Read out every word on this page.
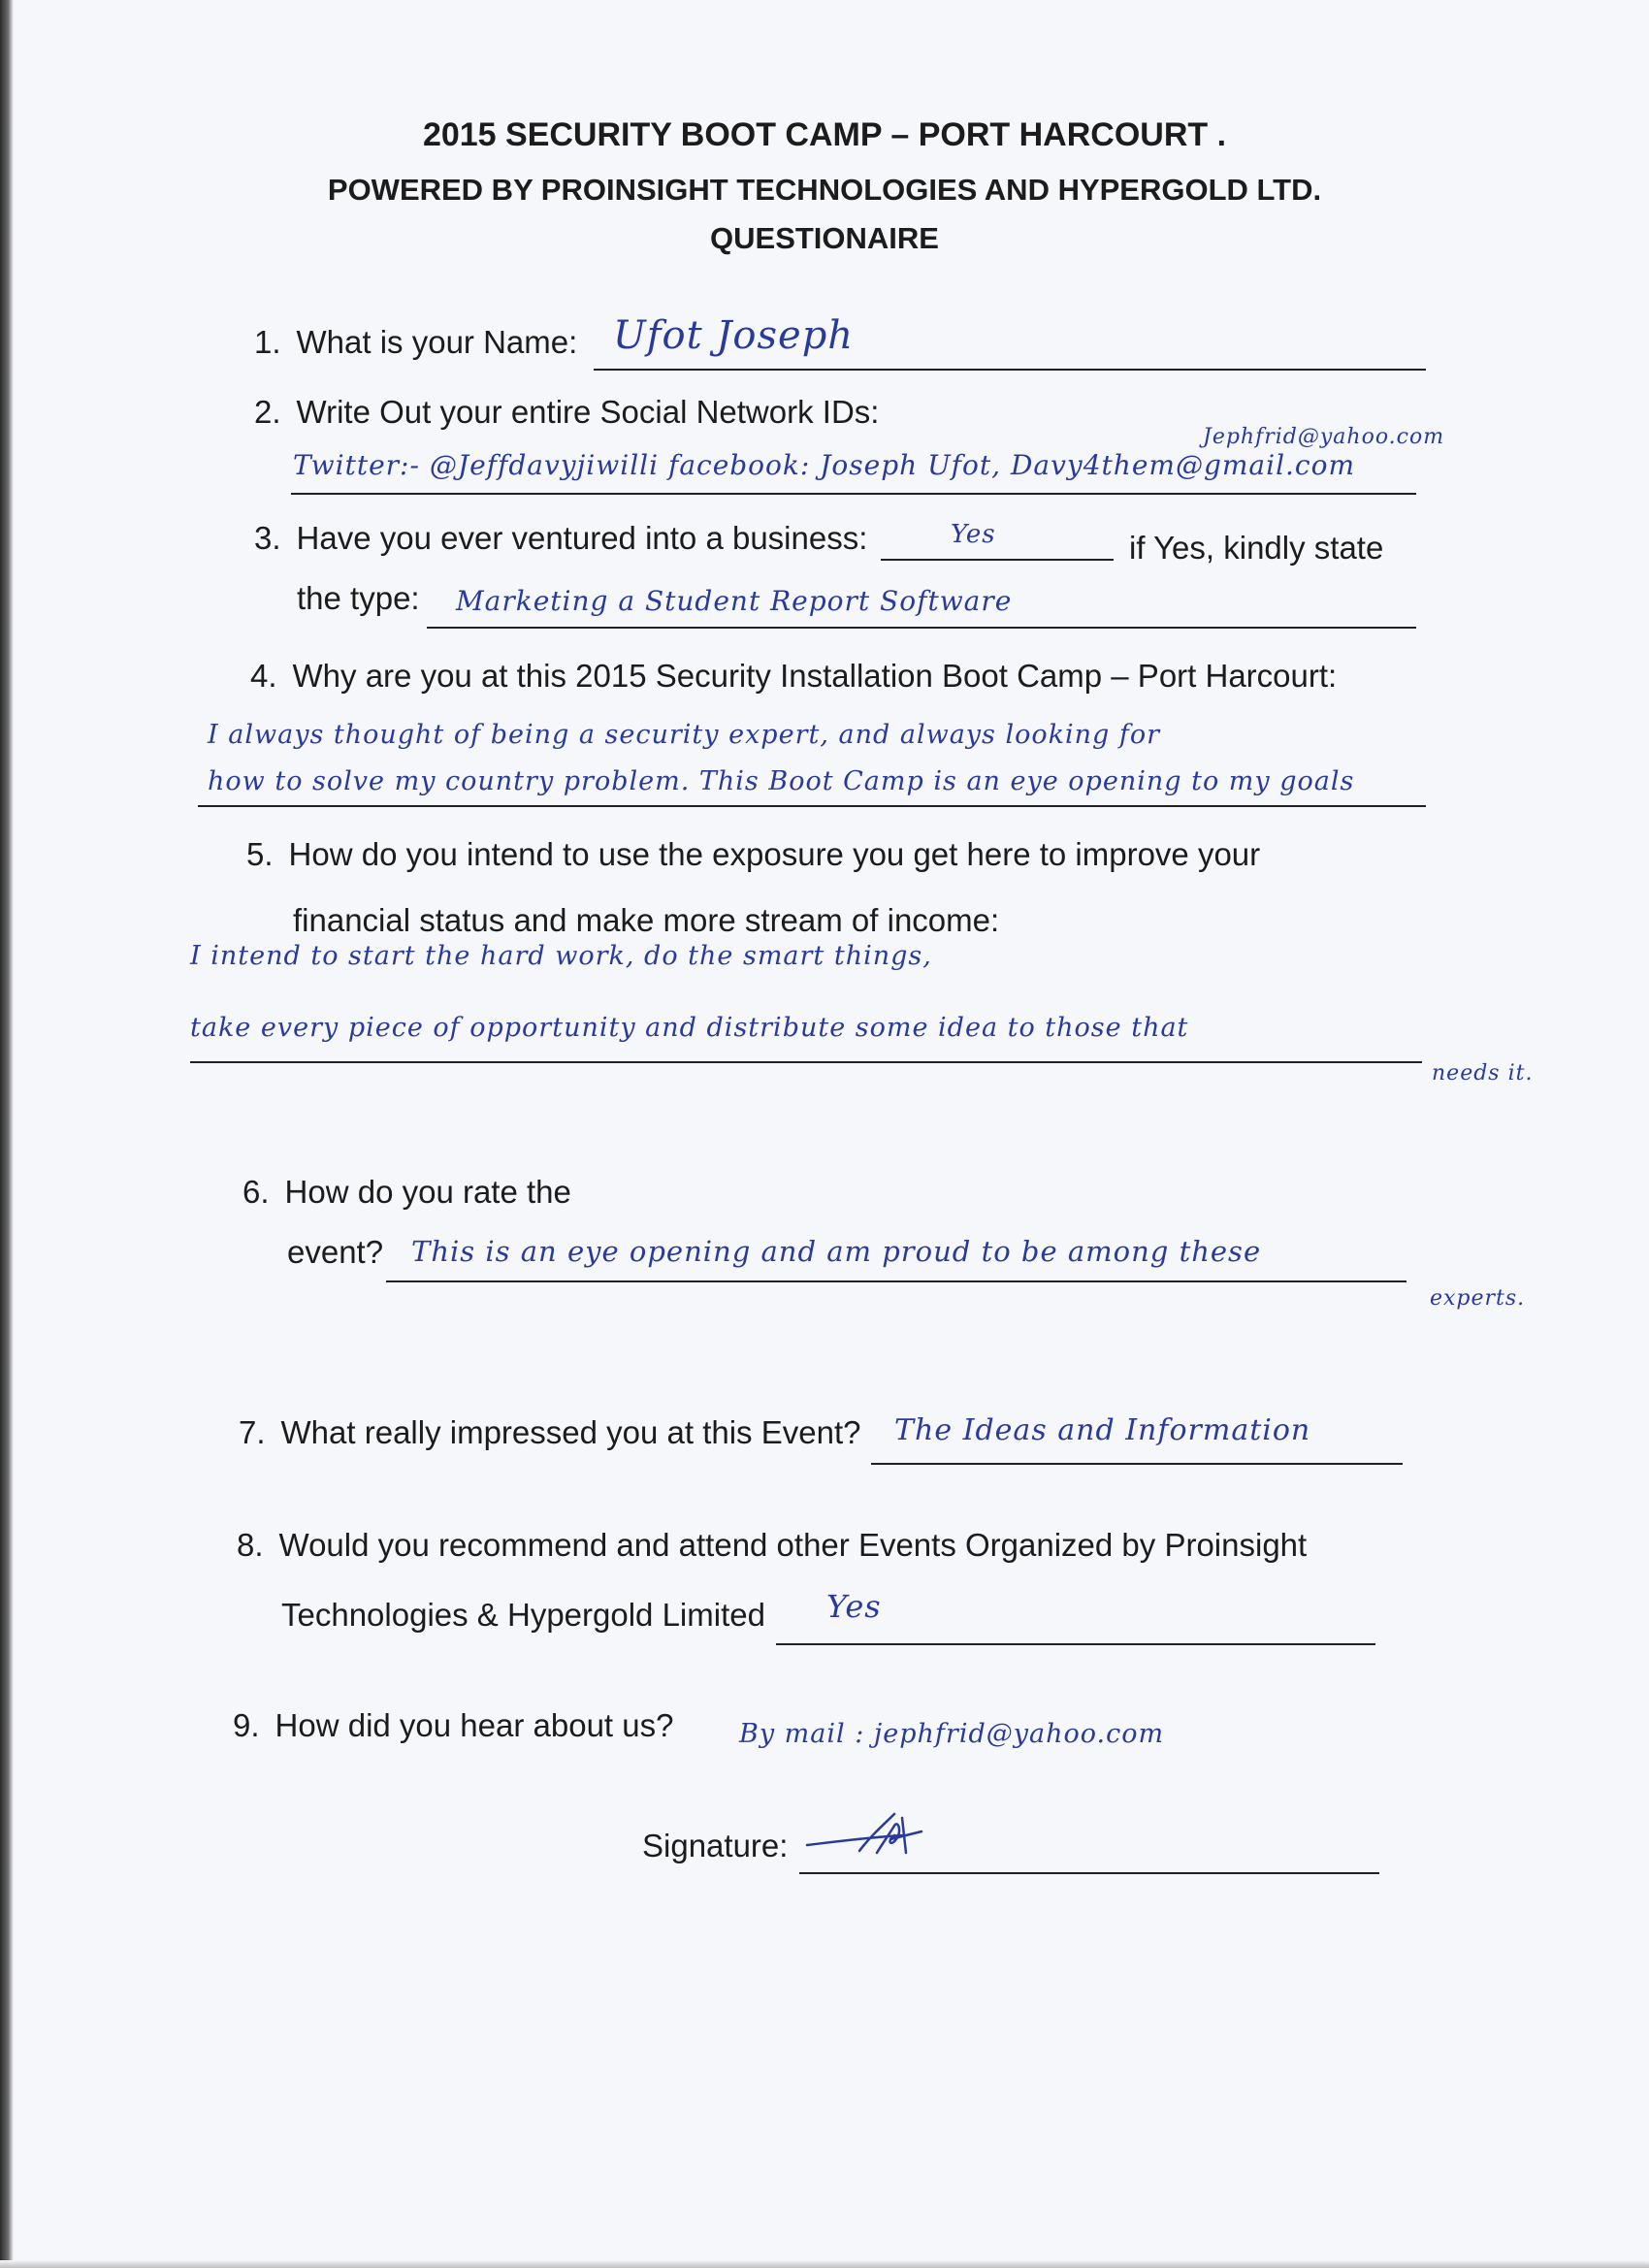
2015 SECURITY BOOT CAMP – PORT HARCOURT .
POWERED BY PROINSIGHT TECHNOLOGIES AND HYPERGOLD LTD.
QUESTIONAIRE
1. What is your Name: Ufot Joseph
2. Write Out your entire Social Network IDs:
Jephfrid@yahoo.com
Twitter:- @Jeffdavyjiwilli facebook: Joseph Ufot, Davy4them@gmail.com
3. Have you ever ventured into a business:	Yes	if Yes, kindly state
the type: Marketing a Student Report Software
4. Why are you at this 2015 Security Installation Boot Camp – Port Harcourt:
I always thought of being a security expert, and always looking for
how to solve my country problem. This Boot Camp is an eye opening to my goals
5. How do you intend to use the exposure you get here to improve your
financial status and make more stream of income:
I intend to start the hard work, do the smart things,
take every piece of opportunity and distribute some idea to those that
needs it.
6. How do you rate the
event? This is an eye opening and am proud to be among these
experts.
7. What really impressed you at this Event? The Ideas and Information
8. Would you recommend and attend other Events Organized by Proinsight
Technologies & Hypergold Limited Yes
9. How did you hear about us?	By mail : jephfrid@yahoo.com
Signature:
